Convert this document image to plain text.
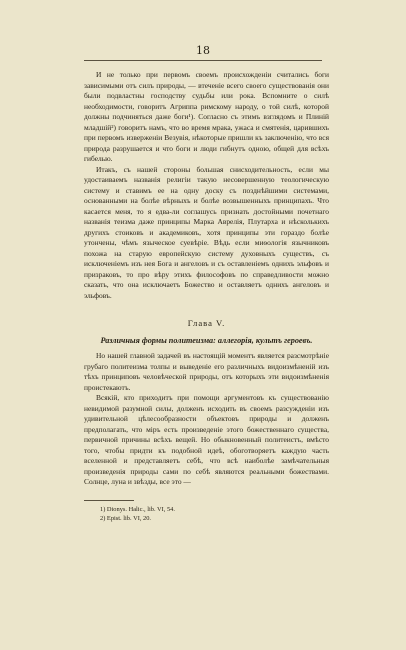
18

И не только при первомъ своемъ происхожденіи считались боги зависимыми отъ силъ природы, — втеченіе всего своего существованія они были подвластны господству судьбы или рока. Вспомните о силѣ необходимости, говоритъ Агриппа римскому народу, о той силѣ, которой должны подчиняться даже боги¹). Согласно съ этимъ взглядомъ и Плиній младшій²) говоритъ намъ, что во время мрака, ужаса и смятенія, царившихъ при первомъ изверженіи Везувія, нѣкоторые пришли къ заключенію, что вся природа разрушается и что боги и люди гибнутъ одною, общей для всѣхъ гибелью.

Итакъ, съ нашей стороны большая снисходительность, если мы удостаиваемъ названія религіи такую несовершенную теологическую систему и ставимъ ее на одну доску съ позднѣйшими системами, основанными на болѣе вѣрныхъ и болѣе возвышенныхъ принципахъ. Что касается меня, то я едва-ли соглашусь признать достойными почетнаго названія теизма даже принципы Марка Аврелія, Плутарха и нѣсколькихъ другихъ стоиковъ и академиковъ, хотя принципы эти гораздо болѣе утончены, чѣмъ языческое суевѣріе. Вѣдь если миѳологія язычниковъ похожа на старую европейскую систему духовныхъ существъ, съ исключеніемъ изъ нея Бога и ангеловъ и съ оставленіемъ однихъ эльфовъ и призраковъ, то про вѣру этихъ философовъ по справедливости можно сказать, что она исключаетъ Божество и оставляетъ однихъ ангеловъ и эльфовъ.

Глава V.
Различныя формы политеизма: аллегорія, культъ героевъ.

Но нашей главной задачей въ настоящій моментъ является разсмотрѣніе грубаго политеизма толпы и выведеніе его различныхъ видоизмѣненій изъ тѣхъ принциповъ человѣческой природы, отъ которыхъ эти видоизмѣненія проистекаютъ.

Всякій, кто приходитъ при помощи аргументовъ къ существованію невидимой разумной силы, долженъ исходить въ своемъ разсужденіи изъ удивительной цѣлесообразности объектовъ природы и долженъ предполагать, что міръ есть произведеніе этого божественнаго существа, первичной причины всѣхъ вещей. Но обыкновенный политеистъ, вмѣсто того, чтобы придти къ подобной идеѣ, обоготворяетъ каждую часть вселенной и представляетъ себѣ, что всѣ наиболѣе замѣчательныя произведенія природы сами по себѣ являются реальными божествами. Солнце, луна и звѣзды, все это —

1) Dionys. Halic., lib. VI, 54.
2) Epist. lib. VI, 20.
